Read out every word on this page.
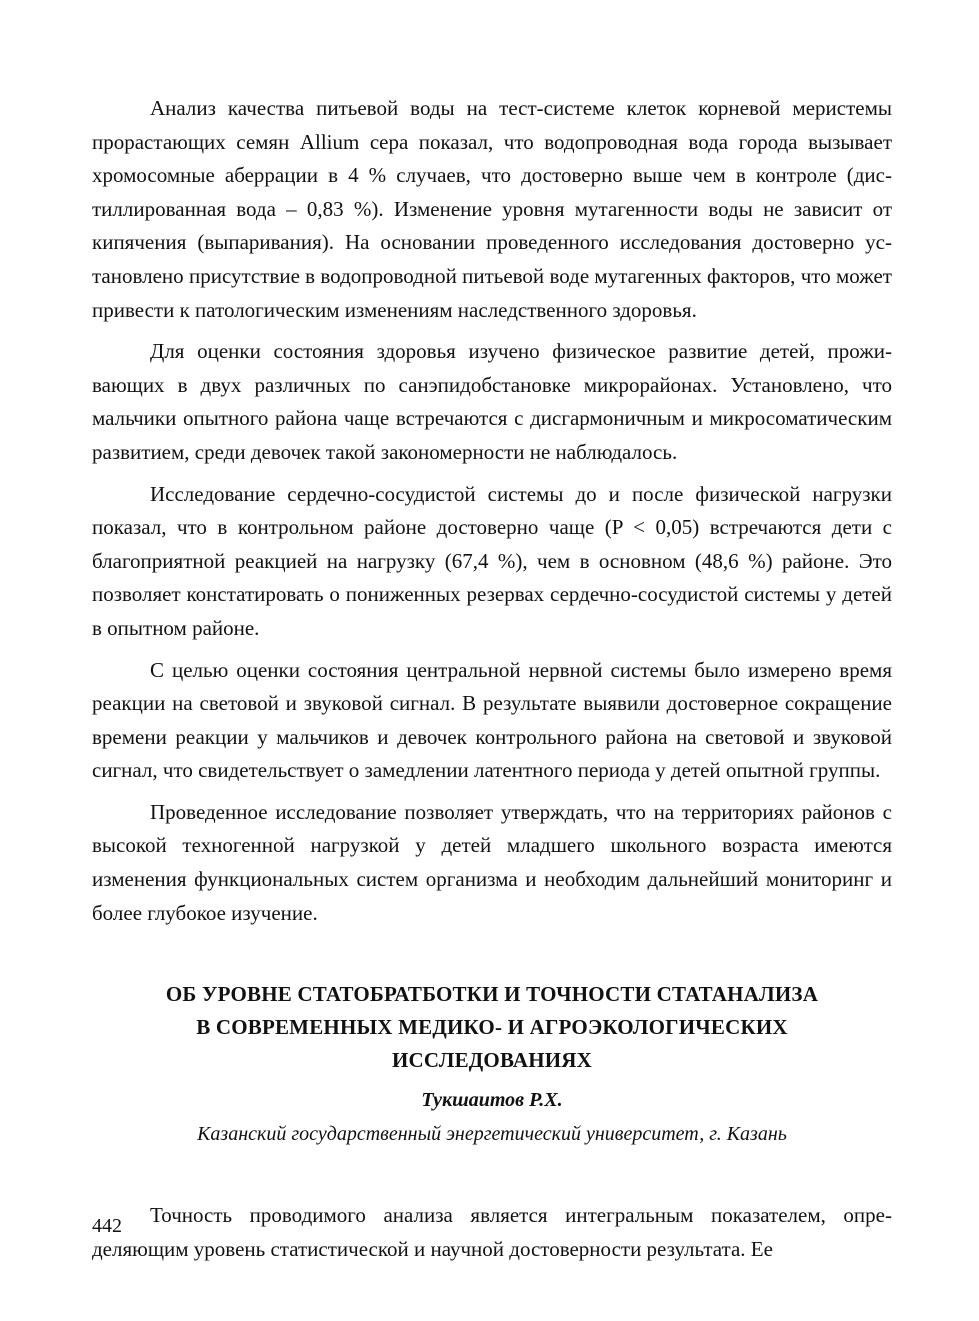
Анализ качества питьевой воды на тест-системе клеток корневой меристемы прорастающих семян Allium cepa показал, что водопроводная вода города вызывает хромосомные аберрации в 4 % случаев, что достоверно выше чем в контроле (дистиллированная вода – 0,83 %). Изменение уровня мутагенности воды не зависит от кипячения (выпаривания). На основании проведенного исследования достоверно установлено присутствие в водопроводной питьевой воде мутагенных факторов, что может привести к патологическим изменениям наследственного здоровья.

Для оценки состояния здоровья изучено физическое развитие детей, проживающих в двух различных по санэпидобстановке микрорайонах. Установлено, что мальчики опытного района чаще встречаются с дисгармоничным и микросоматическим развитием, среди девочек такой закономерности не наблюдалось.

Исследование сердечно-сосудистой системы до и после физической нагрузки показал, что в контрольном районе достоверно чаще (P < 0,05) встречаются дети с благоприятной реакцией на нагрузку (67,4 %), чем в основном (48,6 %) районе. Это позволяет констатировать о пониженных резервах сердечно-сосудистой системы у детей в опытном районе.

С целью оценки состояния центральной нервной системы было измерено время реакции на световой и звуковой сигнал. В результате выявили достоверное сокращение времени реакции у мальчиков и девочек контрольного района на световой и звуковой сигнал, что свидетельствует о замедлении латентного периода у детей опытной группы.

Проведенное исследование позволяет утверждать, что на территориях районов с высокой техногенной нагрузкой у детей младшего школьного возраста имеются изменения функциональных систем организма и необходим дальнейший мониторинг и более глубокое изучение.

ОБ УРОВНЕ СТАТОБРАТБОТКИ И ТОЧНОСТИ СТАТАНАЛИЗА
В СОВРЕМЕННЫХ МЕДИКО- И АГРОЭКОЛОГИЧЕСКИХ
ИССЛЕДОВАНИЯХ
Тукшаитов Р.Х.
Казанский государственный энергетический университет, г. Казань

Точность проводимого анализа является интегральным показателем, определяющим уровень статистической и научной достоверности результата. Ее

442
